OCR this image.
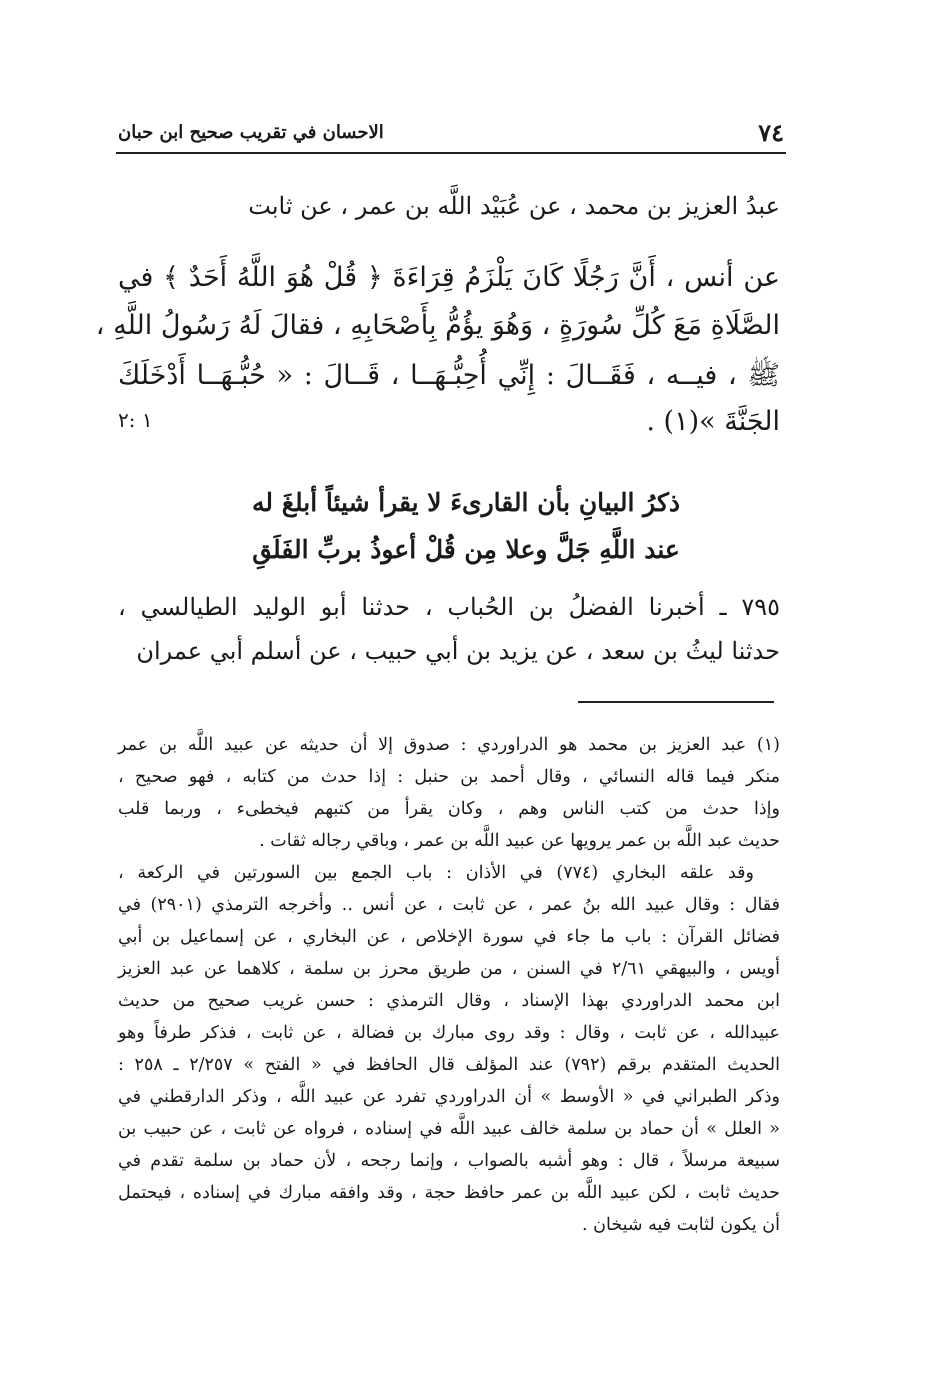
٧٤
الاحسان في تقريب صحيح ابن حبان
عبدُ العزيز بن محمد ، عن عُبَيْد اللَّه بن عمر ، عن ثابت
عن أنس ، أَنَّ رَجُلًا كَانَ يَلْزَمُ قِرَاءَةَ ﴿ قُلْ هُوَ اللَّهُ أَحَدٌ ﴾ في
الصَّلَاةِ مَعَ كُلِّ سُورَةٍ ، وَهُوَ يؤُمُّ بِأَصْحَابِهِ ، فقالَ لَهُ رَسُولُ اللَّهِ ،
ﷺ ، فيــه ، فَقَــالَ : إِنِّي أُحِبُّـهَــا ، قَــالَ : « حُبُّـهَــا أَدْخَلَكَ
الجَنَّةَ »(١) .
١ :٢
ذكرُ البيانِ بأن القارىءَ لا يقرأ شيئاً أبلغَ له
عند اللَّهِ جَلَّ وعلا مِن قُلْ أعوذُ بربِّ الفَلَقِ
٧٩٥ ـ أخبرنا الفضلُ بن الحُباب ، حدثنا أبو الوليد الطيالسي ،
حدثنا ليثُ بن سعد ، عن يزيد بن أبي حبيب ، عن أسلم أبي عمران
(١) عبد العزيز بن محمد هو الدراوردي : صدوق إلا أن حديثه عن عبيد اللَّه بن عمر
منكر فيما قاله النسائي ، وقال أحمد بن حنبل : إذا حدث من كتابه ، فهو صحيح ،
وإذا حدث من كتب الناس وهم ، وكان يقرأ من كتبهم فيخطىء ، وربما قلب
حديث عبد اللَّه بن عمر يرويها عن عبيد اللَّه بن عمر ، وباقي رجاله ثقات .
وقد علقه البخاري (٧٧٤) في الأذان : باب الجمع بين السورتين في الركعة ،
فقال : وقال عبيد الله بنُ عمر ، عن ثابت ، عن أنس .. وأخرجه الترمذي (٢٩٠١) في
فضائل القرآن : باب ما جاء في سورة الإخلاص ، عن البخاري ، عن إسماعيل بن أبي
أويس ، والبيهقي ٢/٦١ في السنن ، من طريق محرز بن سلمة ، كلاهما عن عبد العزيز
ابن محمد الدراوردي بهذا الإسناد ، وقال الترمذي : حسن غريب صحيح من حديث
عبيدالله ، عن ثابت ، وقال : وقد روى مبارك بن فضالة ، عن ثابت ، فذكر طرفاً وهو
الحديث المتقدم برقم (٧٩٢) عند المؤلف قال الحافظ في « الفتح » ٢/٢٥٧ ـ ٢٥٨ :
وذكر الطبراني في « الأوسط » أن الدراوردي تفرد عن عبيد اللَّه ، وذكر الدارقطني في
« العلل » أن حماد بن سلمة خالف عبيد اللَّه في إسناده ، فرواه عن ثابت ، عن حبيب بن
سبيعة مرسلاً ، قال : وهو أشبه بالصواب ، وإنما رجحه ، لأن حماد بن سلمة تقدم في
حديث ثابت ، لكن عبيد اللَّه بن عمر حافظ حجة ، وقد وافقه مبارك في إسناده ، فيحتمل
أن يكون لثابت فيه شيخان .
